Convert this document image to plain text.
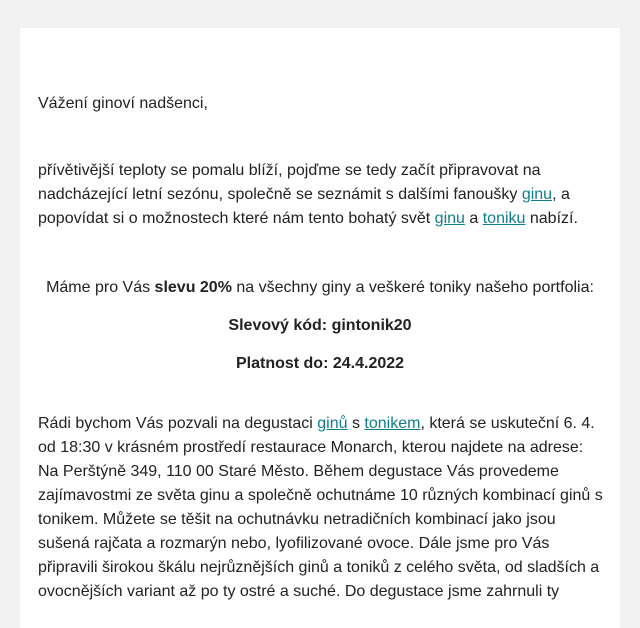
Vážení ginoví nadšenci,

přívětivější teploty se pomalu blíží, pojďme se tedy začít připravovat na nadcházející letní sezónu, společně se seznámit s dalšími fanoušky ginu, a popovídat si o možnostech které nám tento bohatý svět ginu a toniku nabízí.

Máme pro Vás slevu 20% na všechny giny a veškeré toniky našeho portfolia:

Slevový kód: gintonik20

Platnost do: 24.4.2022

Rádi bychom Vás pozvali na degustaci ginů s tonikem, která se uskuteční 6. 4. od 18:30 v krásném prostředí restaurace Monarch, kterou najdete na adrese: Na Perštýně 349, 110 00 Staré Město. Během degustace Vás provedeme zajímavostmi ze světa ginu a společně ochutnáme 10 různých kombinací ginů s tonikem. Můžete se těšit na ochutnávku netradičních kombinací jako jsou sušená rajčata a rozmarýn nebo, lyofilizované ovoce. Dále jsme pro Vás připravili širokou škálu nejrůznějších ginů a toniků z celého světa, od sladších a ovocnějších variant až po ty ostré a suché. Do degustace jsme zahrnuli ty
